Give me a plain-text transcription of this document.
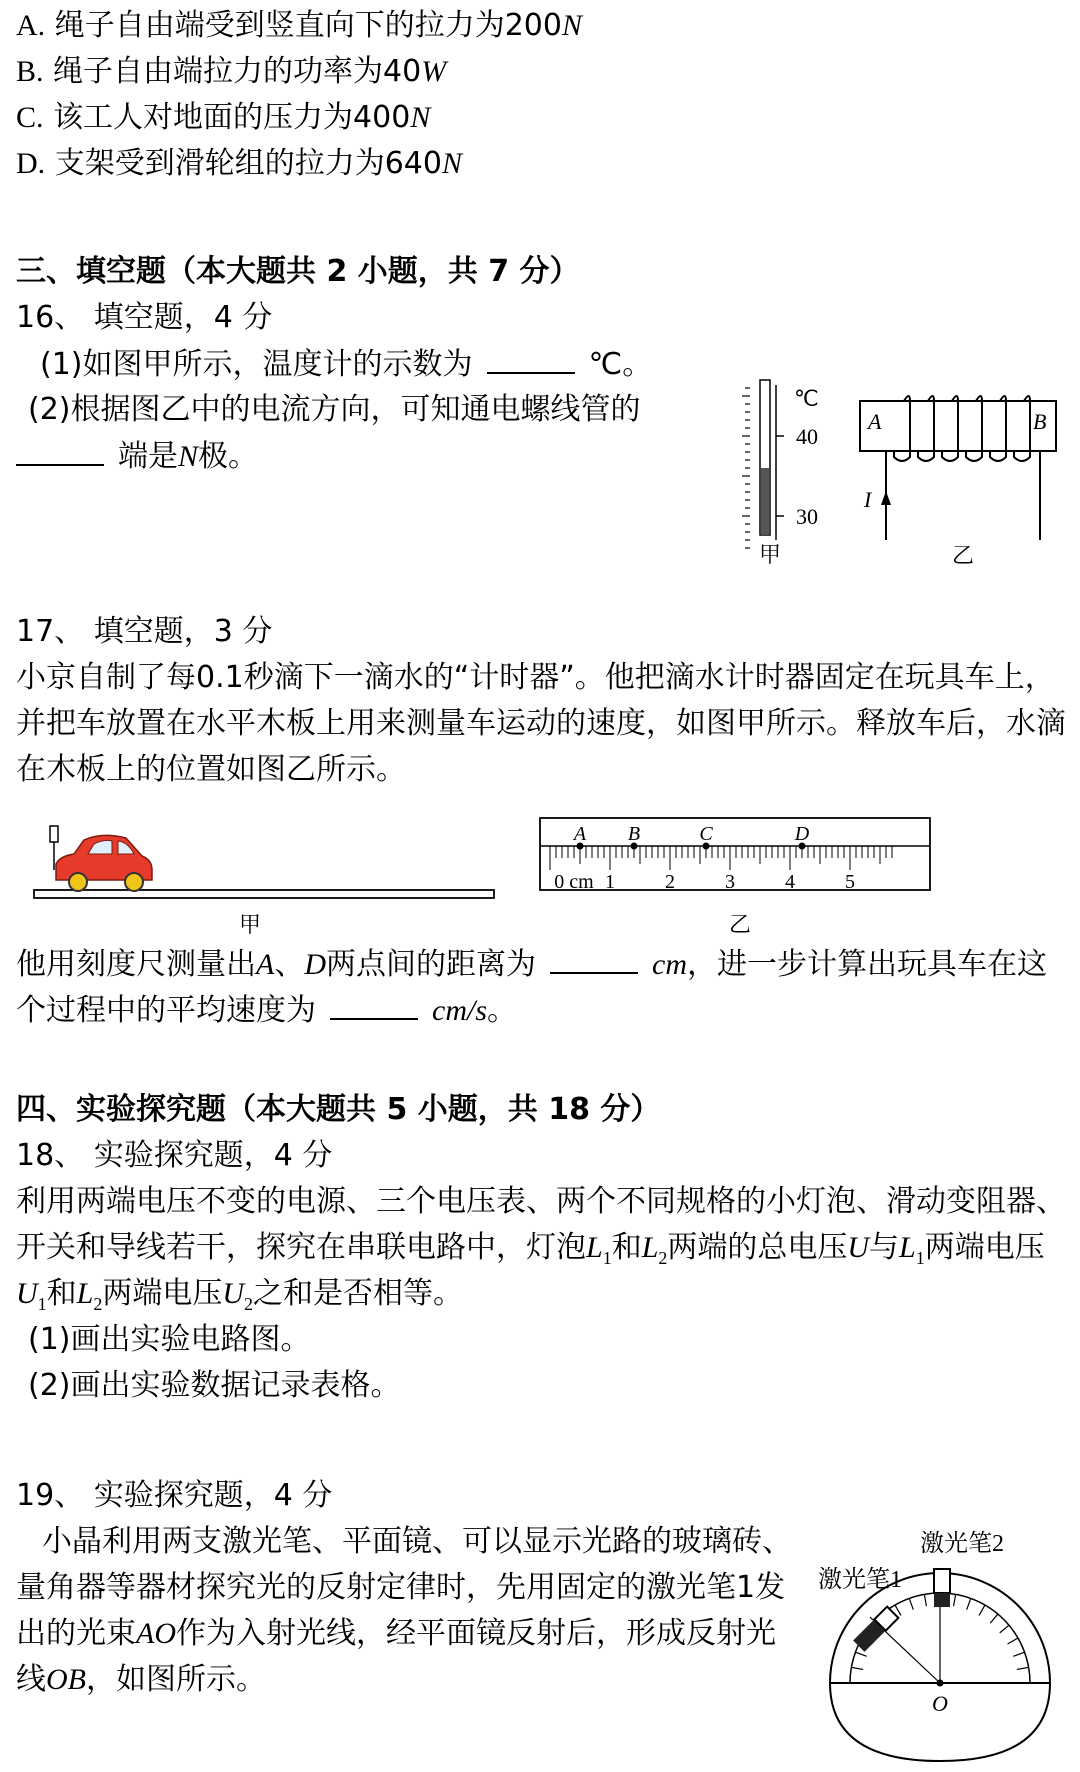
A. 绳子自由端受到竖直向下的拉力为200N
B. 绳子自由端拉力的功率为40W
C. 该工人对地面的压力为400N
D. 支架受到滑轮组的拉力为640N
三、填空题（本大题共 2 小题，共 7 分）
16、 填空题，4 分
(1)如图甲所示，温度计的示数为	℃。
(2)根据图乙中的电流方向，可知通电螺线管的
端是N极。
℃
40
30
甲
A	B
I
乙
17、 填空题，3 分
小京自制了每0.1秒滴下一滴水的“计时器”。他把滴水计时器固定在玩具车上，
并把车放置在水平木板上用来测量车运动的速度，如图甲所示。释放车后，水滴
在木板上的位置如图乙所示。
甲
0 cm 1	2	3	4	5
A B	C	D
乙
他用刻度尺测量出A、D两点间的距离为	cm，进一步计算出玩具车在这
个过程中的平均速度为	cm/s。
四、实验探究题（本大题共 5 小题，共 18 分）
18、 实验探究题，4 分
利用两端电压不变的电源、三个电压表、两个不同规格的小灯泡、滑动变阻器、
开关和导线若干，探究在串联电路中，灯泡$L_1$和$L_2$两端的总电压U与$L_1$两端电压
$U_1$和$L_2$两端电压$U_2$之和是否相等。
(1)画出实验电路图。
(2)画出实验数据记录表格。
19、 实验探究题，4 分
小晶利用两支激光笔、平面镜、可以显示光路的玻璃砖、
量角器等器材探究光的反射定律时，先用固定的激光笔1发
出的光束AO作为入射光线，经平面镜反射后，形成反射光
线OB，如图所示。
激光笔2
激光笔1
O
